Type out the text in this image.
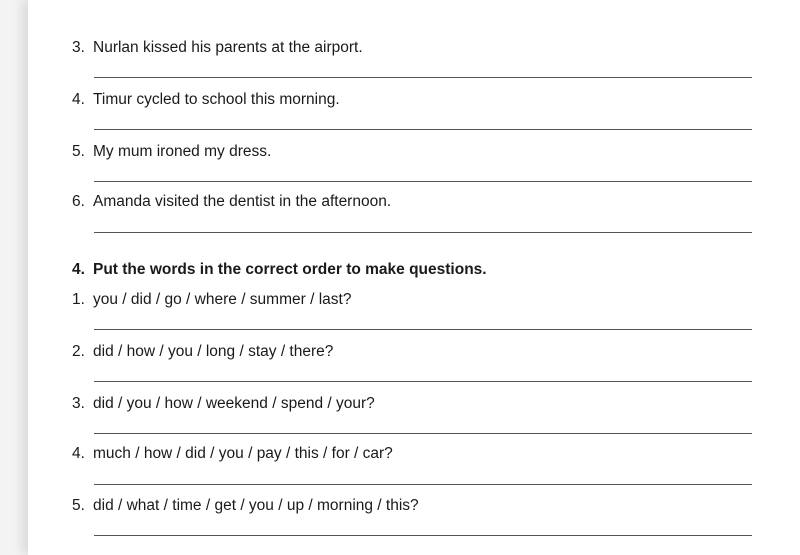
3. Nurlan kissed his parents at the airport.
4. Timur cycled to school this morning.
5. My mum ironed my dress.
6. Amanda visited the dentist in the afternoon.
4. Put the words in the correct order to make questions.
1. you / did / go / where / summer / last?
2. did / how / you / long / stay / there?
3. did / you / how / weekend / spend / your?
4. much / how / did / you / pay / this / for / car?
5. did / what / time / get / you / up / morning / this?
